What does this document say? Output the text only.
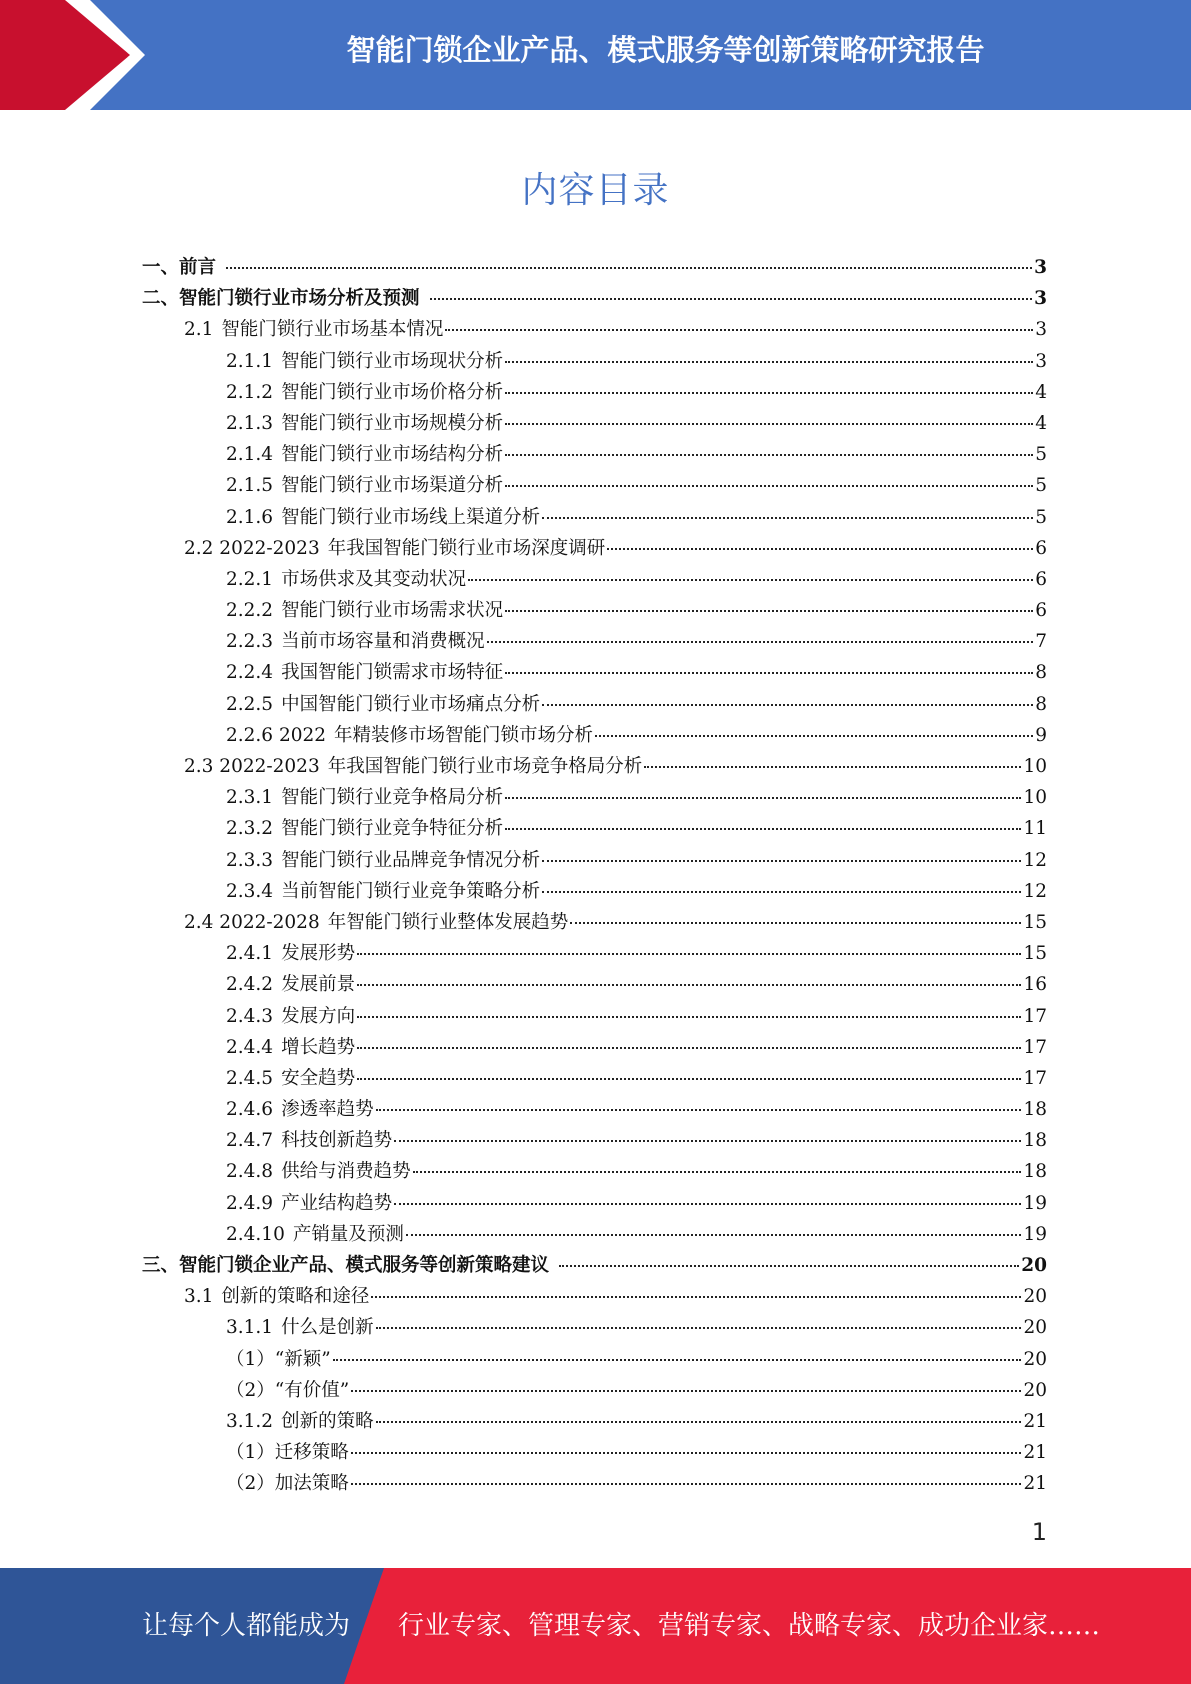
智能门锁企业产品、模式服务等创新策略研究报告
内容目录
一、前言	3
二、智能门锁行业市场分析及预测	3
2.1 智能门锁行业市场基本情况	3
2.1.1 智能门锁行业市场现状分析	3
2.1.2 智能门锁行业市场价格分析	4
2.1.3 智能门锁行业市场规模分析	4
2.1.4 智能门锁行业市场结构分析	5
2.1.5 智能门锁行业市场渠道分析	5
2.1.6 智能门锁行业市场线上渠道分析	5
2.2 2022-2023 年我国智能门锁行业市场深度调研	6
2.2.1 市场供求及其变动状况	6
2.2.2 智能门锁行业市场需求状况	6
2.2.3 当前市场容量和消费概况	7
2.2.4 我国智能门锁需求市场特征	8
2.2.5 中国智能门锁行业市场痛点分析	8
2.2.6 2022 年精装修市场智能门锁市场分析	9
2.3 2022-2023 年我国智能门锁行业市场竞争格局分析	10
2.3.1 智能门锁行业竞争格局分析	10
2.3.2 智能门锁行业竞争特征分析	11
2.3.3 智能门锁行业品牌竞争情况分析	12
2.3.4 当前智能门锁行业竞争策略分析	12
2.4 2022-2028 年智能门锁行业整体发展趋势	15
2.4.1 发展形势	15
2.4.2 发展前景	16
2.4.3 发展方向	17
2.4.4 增长趋势	17
2.4.5 安全趋势	17
2.4.6 渗透率趋势	18
2.4.7 科技创新趋势	18
2.4.8 供给与消费趋势	18
2.4.9 产业结构趋势	19
2.4.10 产销量及预测	19
三、智能门锁企业产品、模式服务等创新策略建议	20
3.1 创新的策略和途径	20
3.1.1 什么是创新	20
（1） “新颖”	20
（2） “有价值”	20
3.1.2 创新的策略	21
（1） 迁移策略	21
（2） 加法策略	21
1
让每个人都能成为 行业专家、管理专家、营销专家、战略专家、成功企业家……
